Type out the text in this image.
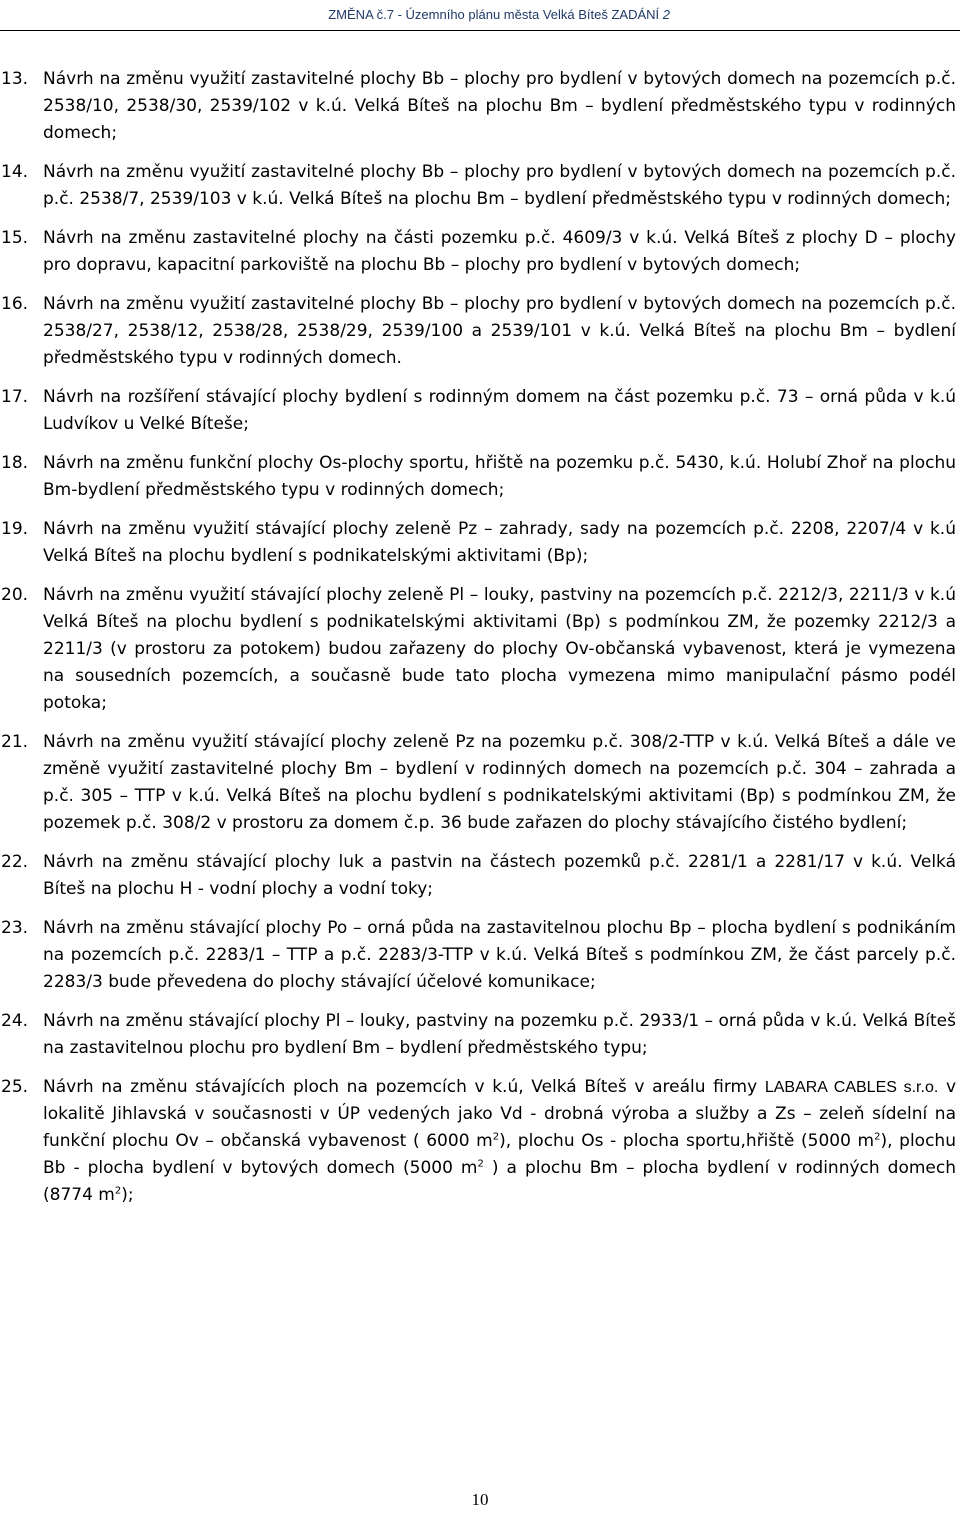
ZMĚNA č.7 - Územního plánu města Velká Bíteš ZADÁNÍ 2
13. Návrh na změnu využití zastavitelné plochy Bb – plochy pro bydlení v bytových domech na pozemcích p.č. 2538/10, 2538/30, 2539/102 v k.ú. Velká Bíteš na plochu Bm – bydlení předměstského typu v rodinných domech;
14. Návrh na změnu využití zastavitelné plochy Bb – plochy pro bydlení v bytových domech na pozemcích p.č. p.č. 2538/7, 2539/103 v k.ú. Velká Bíteš na plochu Bm – bydlení předměstského typu v rodinných domech;
15. Návrh na změnu zastavitelné plochy na části pozemku p.č. 4609/3 v k.ú. Velká Bíteš z plochy D – plochy pro dopravu, kapacitní parkoviště na plochu Bb – plochy pro bydlení v bytových domech;
16. Návrh na změnu využití zastavitelné plochy Bb – plochy pro bydlení v bytových domech na pozemcích p.č. 2538/27, 2538/12, 2538/28, 2538/29, 2539/100 a 2539/101 v k.ú. Velká Bíteš na plochu Bm – bydlení předměstského typu v rodinných domech.
17. Návrh na rozšíření stávající plochy bydlení s rodinným domem na část pozemku p.č. 73 – orná půda v k.ú Ludvíkov u Velké Bíteše;
18. Návrh na změnu funkční plochy Os-plochy sportu, hřiště na pozemku p.č. 5430, k.ú. Holubí Zhoř na plochu Bm-bydlení předměstského typu v rodinných domech;
19. Návrh na změnu využití stávající plochy zeleně Pz – zahrady, sady na pozemcích p.č. 2208, 2207/4 v k.ú Velká Bíteš na plochu bydlení s podnikatelskými aktivitami (Bp);
20. Návrh na změnu využití stávající plochy zeleně Pl – louky, pastviny na pozemcích p.č. 2212/3, 2211/3 v k.ú Velká Bíteš na plochu bydlení s podnikatelskými aktivitami (Bp) s podmínkou ZM, že pozemky 2212/3 a 2211/3 (v prostoru za potokem) budou zařazeny do plochy Ov-občanská vybavenost, která je vymezena na sousedních pozemcích, a současně bude tato plocha vymezena mimo manipulační pásmo podél potoka;
21. Návrh na změnu využití stávající plochy zeleně Pz na pozemku p.č. 308/2-TTP v k.ú. Velká Bíteš a dále ve změně využití zastavitelné plochy Bm – bydlení v rodinných domech na pozemcích p.č. 304 – zahrada a p.č. 305 – TTP v k.ú. Velká Bíteš na plochu bydlení s podnikatelskými aktivitami (Bp) s podmínkou ZM, že pozemek p.č. 308/2 v prostoru za domem č.p. 36 bude zařazen do plochy stávajícího čistého bydlení;
22. Návrh na změnu stávající plochy luk a pastvin na částech pozemků p.č. 2281/1 a 2281/17 v k.ú. Velká Bíteš na plochu H - vodní plochy a vodní toky;
23. Návrh na změnu stávající plochy Po – orná půda na zastavitelnou plochu Bp – plocha bydlení s podnikáním na pozemcích p.č. 2283/1 – TTP a p.č. 2283/3-TTP v k.ú. Velká Bíteš s podmínkou ZM, že část parcely p.č. 2283/3 bude převedena do plochy stávající účelové komunikace;
24. Návrh na změnu stávající plochy Pl – louky, pastviny na pozemku p.č. 2933/1 – orná půda v k.ú. Velká Bíteš na zastavitelnou plochu pro bydlení Bm – bydlení předměstského typu;
25. Návrh na změnu stávajících ploch na pozemcích v k.ú, Velká Bíteš v areálu firmy LABARA CABLES s.r.o. v lokalitě Jihlavská v současnosti v ÚP vedených jako Vd - drobná výroba a služby a Zs – zeleň sídelní na funkční plochu Ov – občanská vybavenost ( 6000 $m^2$), plochu Os - plocha sportu,hřiště (5000 $m^2$), plochu Bb - plocha bydlení v bytových domech (5000 $m^2$ ) a plochu Bm – plocha bydlení v rodinných domech (8774 $m^2$);
10
